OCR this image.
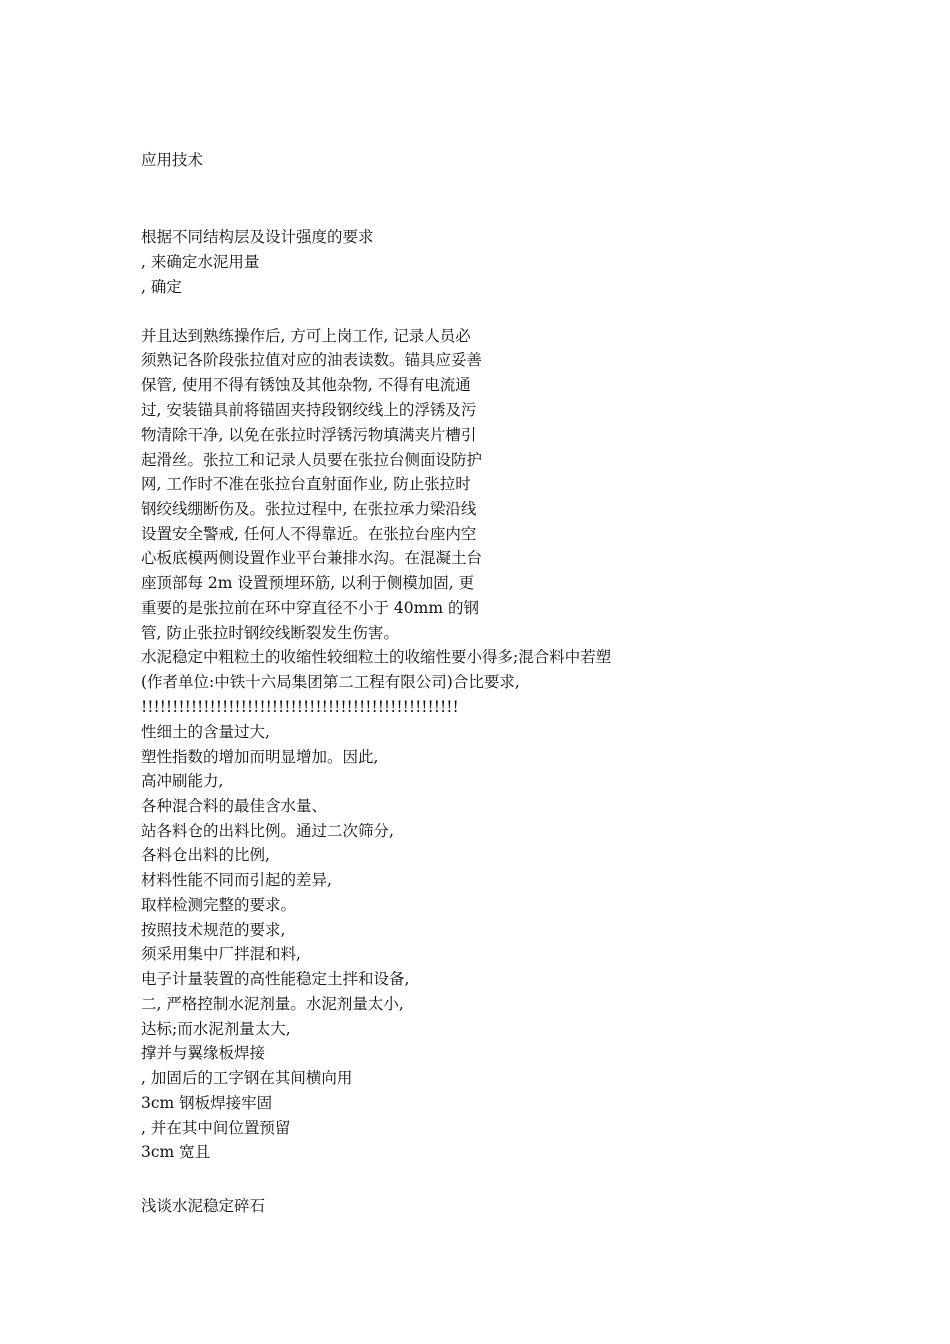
应用技术
根据不同结构层及设计强度的要求
, 来确定水泥用量
, 确定
并且达到熟练操作后, 方可上岗工作, 记录人员必
须熟记各阶段张拉值对应的油表读数。锚具应妥善
保管, 使用不得有锈蚀及其他杂物, 不得有电流通
过, 安装锚具前将锚固夹持段钢绞线上的浮锈及污
物清除干净, 以免在张拉时浮锈污物填满夹片槽引
起滑丝。张拉工和记录人员要在张拉台侧面设防护
网, 工作时不准在张拉台直射面作业, 防止张拉时
钢绞线绷断伤及。张拉过程中, 在张拉承力梁沿线
设置安全警戒, 任何人不得靠近。在张拉台座内空
心板底模两侧设置作业平台兼排水沟。在混凝土台
座顶部每 2m 设置预埋环筋, 以利于侧模加固, 更
重要的是张拉前在环中穿直径不小于 40mm 的钢
管, 防止张拉时钢绞线断裂发生伤害。
水泥稳定中粗粒土的收缩性较细粒土的收缩性要小得多;混合料中若塑
(作者单位:中铁十六局集团第二工程有限公司)合比要求,
!!!!!!!!!!!!!!!!!!!!!!!!!!!!!!!!!!!!!!!!!!!!!!!!!!!
性细土的含量过大,
塑性指数的增加而明显增加。因此,
高冲刷能力,
各种混合料的最佳含水量、
站各料仓的出料比例。通过二次筛分,
各料仓出料的比例,
材料性能不同而引起的差异,
取样检测完整的要求。
按照技术规范的要求,
须采用集中厂拌混和料,
电子计量装置的高性能稳定土拌和设备,
二, 严格控制水泥剂量。水泥剂量太小,
达标;而水泥剂量太大,
撑并与翼缘板焊接
, 加固后的工字钢在其间横向用
3cm 钢板焊接牢固
, 并在其中间位置预留
3cm 宽且
浅谈水泥稳定碎石
